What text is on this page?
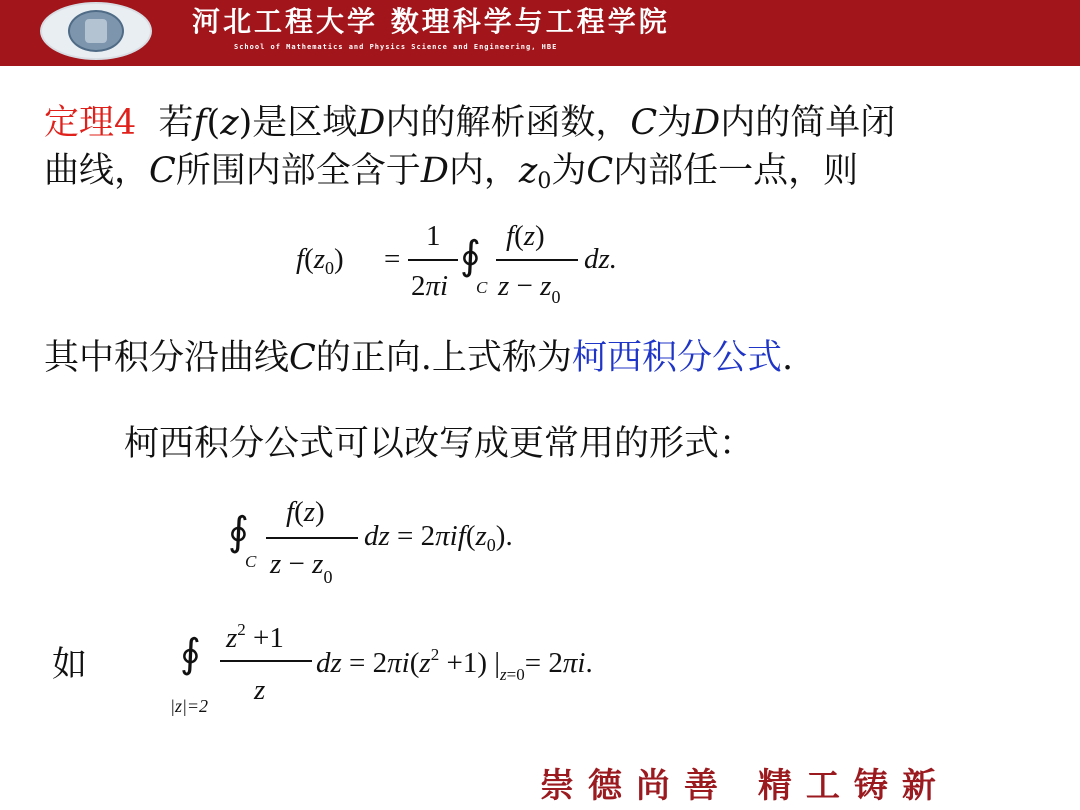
河北工程大学 数理科学与工程学院
School of Mathematics and Physics Science and Engineering, HBE
定理4  若f(z)是区域D内的解析函数，C为D内的简单闭
曲线，C所围内部全含于D内，z0为C内部任一点，则
$f(z_0)$ =
1
2πi
∮
C
f(z)
$z - z_0$
dz.
其中积分沿曲线C的正向.上式称为柯西积分公式.
柯西积分公式可以改写成更常用的形式：
∮
C
f(z)
$z - z_0$
dz = $2\pi if(z_0)$.
如 ∮
|z|=2
$z^2 +1$
z
dz = $2\pi i(z^2 +1)$ $|_{z=0}= 2\pi i$.
崇德尚善 精工铸新
